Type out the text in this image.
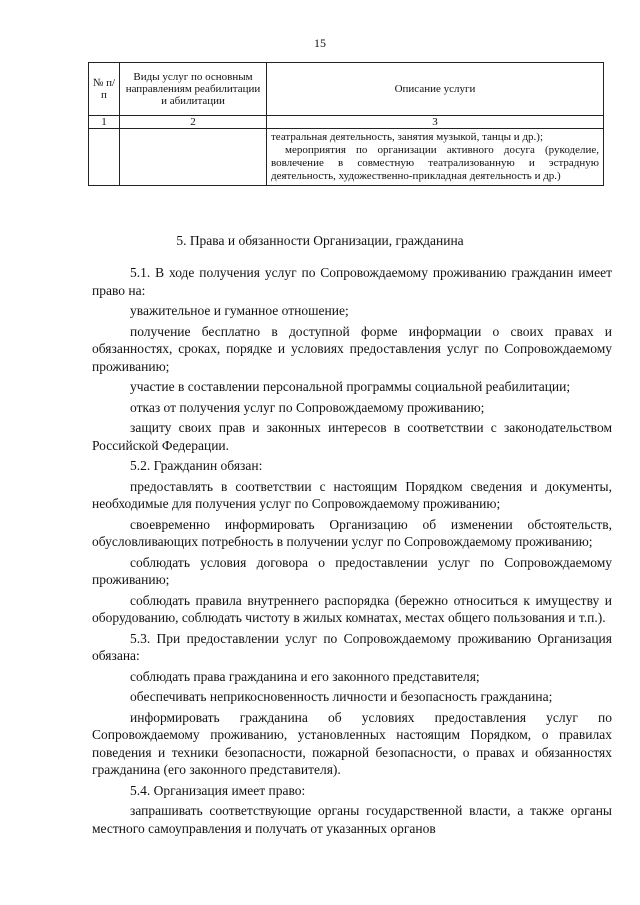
15
№ п/п	Виды услуг по основным направлениям реабилитации и абилитации	Описание услуги
1	2	3

		театральная деятельность, занятия музыкой, танцы и др.);

мероприятия по организации активного досуга (рукоделие, вовлечение в совместную театрализованную и эстрадную деятельность, художественно-прикладная деятельность и др.)

5. Права и обязанности Организации, гражданина

5.1. В ходе получения услуг по Сопровождаемому проживанию гражданин имеет право на:

уважительное и гуманное отношение;

получение бесплатно в доступной форме информации о своих правах и обязанностях, сроках, порядке и условиях предоставления услуг по Сопровождаемому проживанию;

участие в составлении персональной программы социальной реабилитации;

отказ от получения услуг по Сопровождаемому проживанию;

защиту своих прав и законных интересов в соответствии с законодательством Российской Федерации.

5.2. Гражданин обязан:

предоставлять в соответствии с настоящим Порядком сведения и документы, необходимые для получения услуг по Сопровождаемому проживанию;

своевременно информировать Организацию об изменении обстоятельств, обусловливающих потребность в получении услуг по Сопровождаемому проживанию;

соблюдать условия договора о предоставлении услуг по Сопровождаемому проживанию;

соблюдать правила внутреннего распорядка (бережно относиться к имуществу и оборудованию, соблюдать чистоту в жилых комнатах, местах общего пользования и т.п.).

5.3. При предоставлении услуг по Сопровождаемому проживанию Организация обязана:

соблюдать права гражданина и его законного представителя;

обеспечивать неприкосновенность личности и безопасность гражданина;

информировать гражданина об условиях предоставления услуг по Сопровождаемому проживанию, установленных настоящим Порядком, о правилах поведения и техники безопасности, пожарной безопасности, о правах и обязанностях гражданина (его законного представителя).

5.4. Организация имеет право:

запрашивать соответствующие органы государственной власти, а также органы местного самоуправления и получать от указанных органов
